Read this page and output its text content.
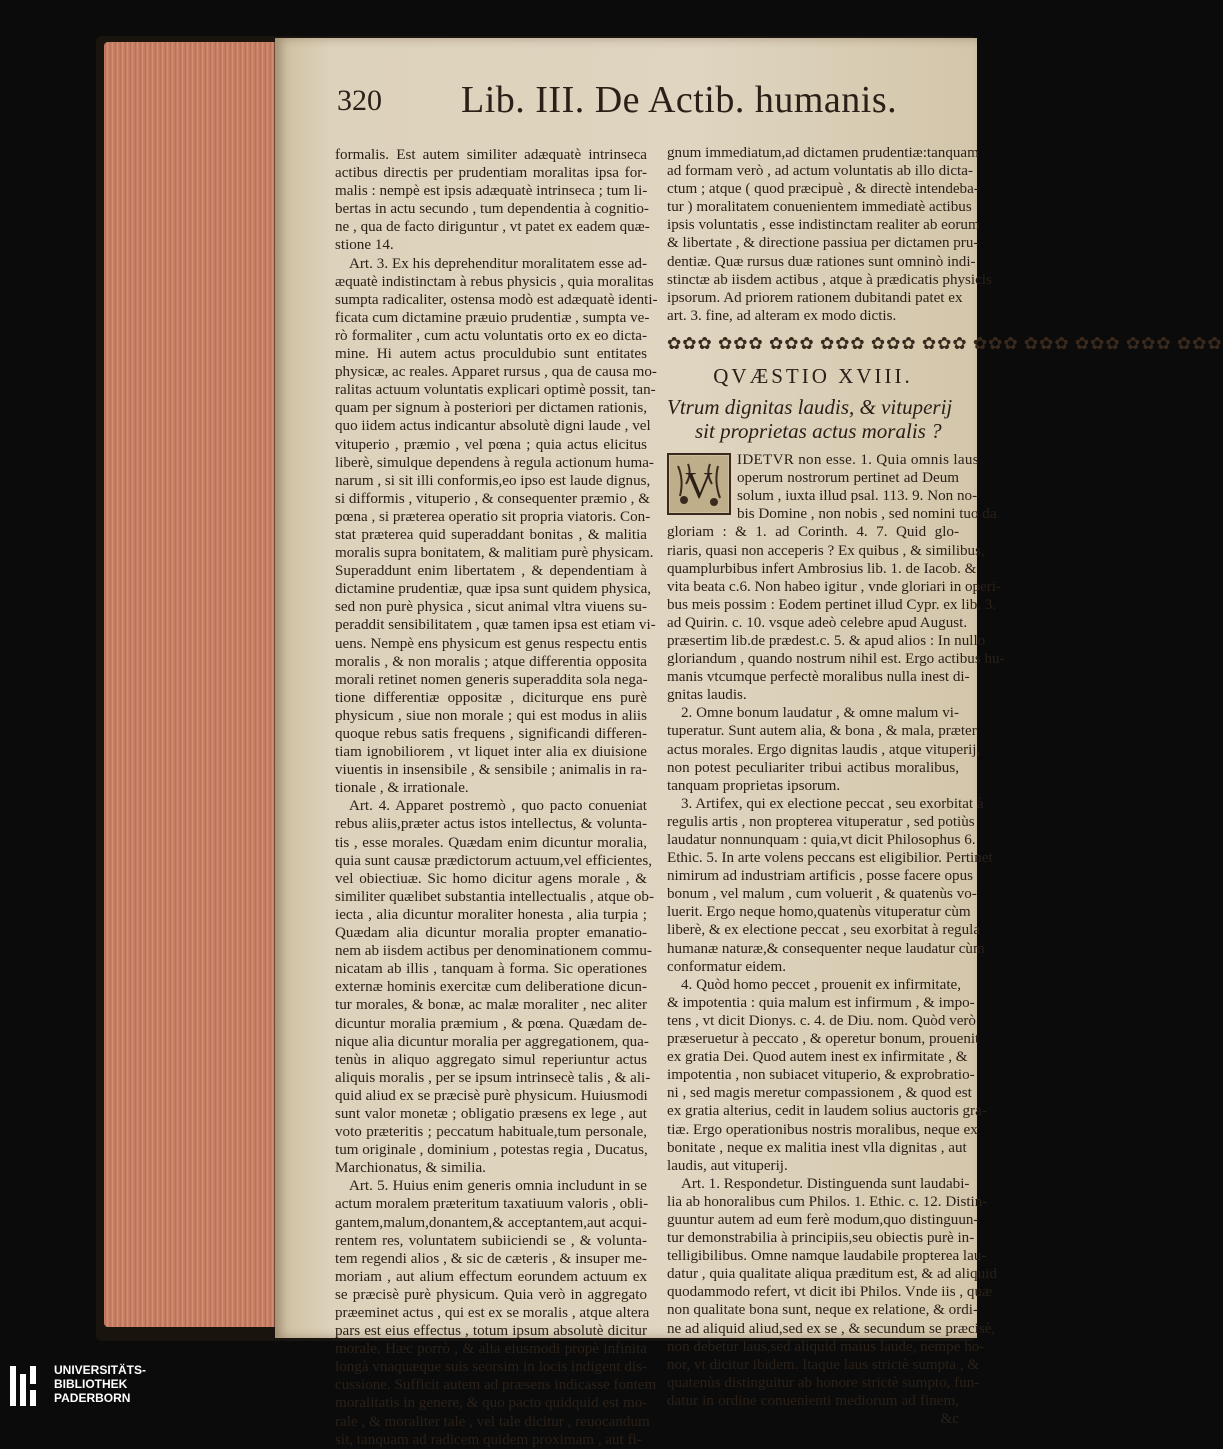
320 Lib. III. De Actib. humanis.
formalis. Est autem similiter adæquatè intrinseca
actibus directis per prudentiam moralitas ipsa for-
malis : nempè est ipsis adæquatè intrinseca ; tum li-
bertas in actu secundo , tum dependentia à cognitio-
ne , qua de facto diriguntur , vt patet ex eadem quæ-
stione 14.
Art. 3. Ex his deprehenditur moralitatem esse ad-
æquatè indistinctam à rebus physicis , quia moralitas
sumpta radicaliter, ostensa modò est adæquatè identi-
ficata cum dictamine præuio prudentiæ , sumpta ve-
rò formaliter , cum actu voluntatis orto ex eo dicta-
mine. Hi autem actus proculdubio sunt entitates
physicæ, ac reales. Apparet rursus , qua de causa mo-
ralitas actuum voluntatis explicari optimè possit, tan-
quam per signum à posteriori per dictamen rationis,
quo iidem actus indicantur absolutè digni laude , vel
vituperio , præmio , vel pœna ; quia actus elicitus
liberè, simulque dependens à regula actionum huma-
narum , si sit illi conformis,eo ipso est laude dignus,
si difformis , vituperio , & consequenter præmio , &
pœna , si præterea operatio sit propria viatoris. Con-
stat præterea quid superaddant bonitas , & malitia
moralis supra bonitatem, & malitiam purè physicam.
Superaddunt enim libertatem , & dependentiam à
dictamine prudentiæ, quæ ipsa sunt quidem physica,
sed non purè physica , sicut animal vltra viuens su-
peraddit sensibilitatem , quæ tamen ipsa est etiam vi-
uens. Nempè ens physicum est genus respectu entis
moralis , & non moralis ; atque differentia opposita
morali retinet nomen generis superaddita sola nega-
tione differentiæ oppositæ , diciturque ens purè
physicum , siue non morale ; qui est modus in aliis
quoque rebus satis frequens , significandi differen-
tiam ignobiliorem , vt liquet inter alia ex diuisione
viuentis in insensibile , & sensibile ; animalis in ra-
tionale , & irrationale.
Art. 4. Apparet postremò , quo pacto conueniat
rebus aliis,præter actus istos intellectus, & volunta-
tis , esse morales. Quædam enim dicuntur moralia,
quia sunt causæ prædictorum actuum,vel efficientes,
vel obiectiuæ. Sic homo dicitur agens morale , &
similiter quælibet substantia intellectualis , atque ob-
iecta , alia dicuntur moraliter honesta , alia turpia ;
Quædam alia dicuntur moralia propter emanatio-
nem ab iisdem actibus per denominationem commu-
nicatam ab illis , tanquam à forma. Sic operationes
externæ hominis exercitæ cum deliberatione dicun-
tur morales, & bonæ, ac malæ moraliter , nec aliter
dicuntur moralia præmium , & pœna. Quædam de-
nique alia dicuntur moralia per aggregationem, qua-
tenùs in aliquo aggregato simul reperiuntur actus
aliquis moralis , per se ipsum intrinsecè talis , & ali-
quid aliud ex se præcisè purè physicum. Huiusmodi
sunt valor monetæ ; obligatio præsens ex lege , aut
voto præteritis ; peccatum habituale,tum personale,
tum originale , dominium , potestas regia , Ducatus,
Marchionatus, & similia.
Art. 5. Huius enim generis omnia includunt in se
actum moralem præteritum taxatiuum valoris , obli-
gantem,malum,donantem,& acceptantem,aut acqui-
rentem res, voluntatem subiiciendi se , & volunta-
tem regendi alios , & sic de cæteris , & insuper me-
moriam , aut alium effectum eorundem actuum ex
se præcisè purè physicum. Quia verò in aggregato
præeminet actus , qui est ex se moralis , atque altera
pars est eius effectus , totum ipsum absolutè dicitur
morale. Hæc porrò , & alia eiusmodi propè infinita
longà vnaquæque suis seorsim in locis indigent dis-
cussione. Sufficit autem ad præsens indicasse fontem
moralitatis in genere, & quo pacto quidquid est mo-
rale , & moraliter tale , vel tale dicitur , reuocandum
sit, tanquam ad radicem quidem proximam , aut fi-
gnum immediatum,ad dictamen prudentiæ:tanquam
ad formam verò , ad actum voluntatis ab illo dicta-
ctum ; atque ( quod præcipuè , & directè intendeba-
tur ) moralitatem conuenientem immediatè actibus
ipsis voluntatis , esse indistinctam realiter ab eorum
& libertate , & directione passiua per dictamen pru-
dentiæ. Quæ rursus duæ rationes sunt omninò indi-
stinctæ ab iisdem actibus , atque à prædicatis physicis
ipsorum. Ad priorem rationem dubitandi patet ex
art. 3. fine, ad alteram ex modo dictis.
✿✿✿ ✿✿✿ ✿✿✿ ✿✿✿ ✿✿✿ ✿✿✿ ✿✿✿ ✿✿✿ ✿✿✿ ✿✿✿ ✿✿✿
QVÆSTIO XVIII.
Vtrum dignitas laudis, & vituperij
sit proprietas actus moralis ?
V
IDETVR non esse. 1. Quia omnis laus
operum nostrorum pertinet ad Deum
solum , iuxta illud psal. 113. 9. Non no-
bis Domine , non nobis , sed nomini tuo da
gloriam : & 1. ad Corinth. 4. 7. Quid glo-
riaris, quasi non acceperis ? Ex quibus , & similibus,
quamplurbibus infert Ambrosius lib. 1. de Iacob. &
vita beata c.6. Non habeo igitur , vnde gloriari in operi-
bus meis possim : Eodem pertinet illud Cypr. ex lib. 3.
ad Quirin. c. 10. vsque adeò celebre apud August.
præsertim lib.de prædest.c. 5. & apud alios : In nullo
gloriandum , quando nostrum nihil est. Ergo actibus hu-
manis vtcumque perfectè moralibus nulla inest di-
gnitas laudis.
2. Omne bonum laudatur , & omne malum vi-
tuperatur. Sunt autem alia, & bona , & mala, præter
actus morales. Ergo dignitas laudis , atque vituperij,
non potest peculiariter tribui actibus moralibus,
tanquam proprietas ipsorum.
3. Artifex, qui ex electione peccat , seu exorbitat à
regulis artis , non propterea vituperatur , sed potiùs
laudatur nonnunquam : quia,vt dicit Philosophus 6.
Ethic. 5. In arte volens peccans est eligibilior. Pertinet
nimirum ad industriam artificis , posse facere opus
bonum , vel malum , cum voluerit , & quatenùs vo-
luerit. Ergo neque homo,quatenùs vituperatur cùm
liberè, & ex electione peccat , seu exorbitat à regula
humanæ naturæ,& consequenter neque laudatur cùm
conformatur eidem.
4. Quòd homo peccet , prouenit ex infirmitate,
& impotentia : quia malum est infirmum , & impo-
tens , vt dicit Dionys. c. 4. de Diu. nom. Quòd verò
præseruetur à peccato , & operetur bonum, prouenit
ex gratia Dei. Quod autem inest ex infirmitate , &
impotentia , non subiacet vituperio, & exprobratio-
ni , sed magis meretur compassionem , & quod est
ex gratia alterius, cedit in laudem solius auctoris gra-
tiæ. Ergo operationibus nostris moralibus, neque ex
bonitate , neque ex malitia inest vlla dignitas , aut
laudis, aut vituperij.
Art. 1. Respondetur. Distinguenda sunt laudabi-
lia ab honoralibus cum Philos. 1. Ethic. c. 12. Distin-
guuntur autem ad eum ferè modum,quo distinguun-
tur demonstrabilia à principiis,seu obiectis purè in-
telligibilibus. Omne namque laudabile propterea lau-
datur , quia qualitate aliqua præditum est, & ad aliquid
quodammodo refert, vt dicit ibi Philos. Vnde iis , quæ
non qualitate bona sunt, neque ex relatione, & ordi-
ne ad aliquid aliud,sed ex se , & secundum se præcisè,
non debetur laus,sed aliquid maius laude, nempe ho-
nor, vt dicitur ibidem. Itaque laus strictè sumpta , &
quatenùs distinguitur ab honore strictè sumpto, fun-
datur in ordine conuenienti mediorum ad finem,
&c
UNIVERSITÄTS-
BIBLIOTHEK
PADERBORN
